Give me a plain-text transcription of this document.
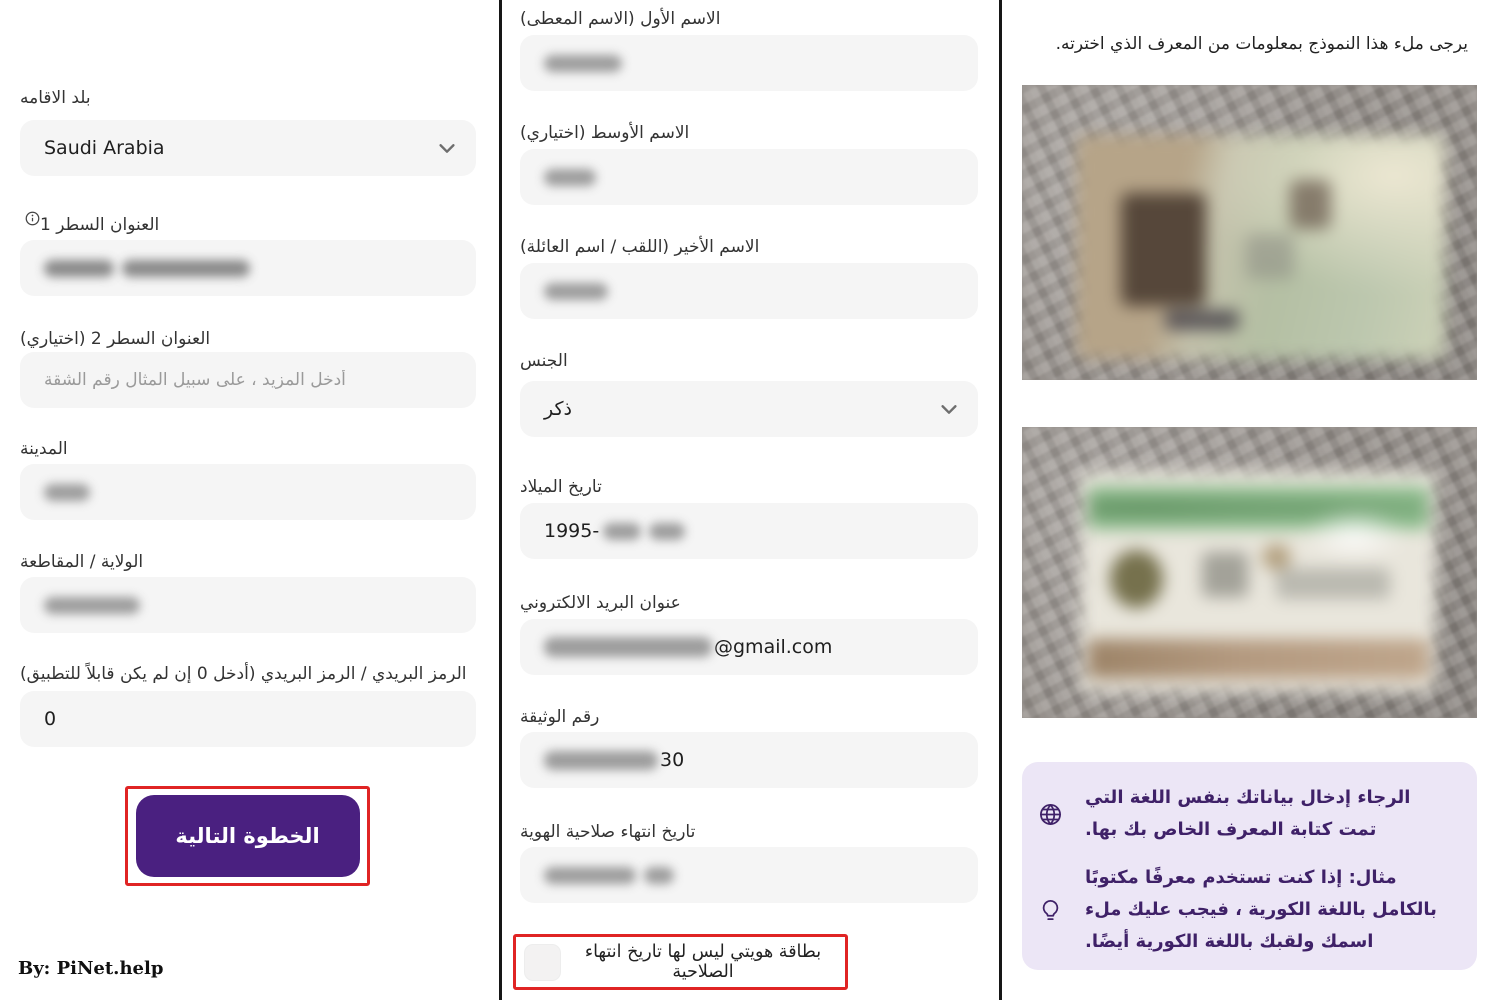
بلد الاقامه
Saudi Arabia
العنوان السطر 1
العنوان السطر 2 (اختياري)
أدخل المزيد ، على سبيل المثال رقم الشقة
المدينة
الولاية / المقاطعة
الرمز البريدي / الرمز البريدي (أدخل 0 إن لم يكن قابلاً للتطبيق)
0
الخطوة التالية
By: PiNet.help
الاسم الأول (الاسم المعطى)
الاسم الأوسط (اختياري)
الاسم الأخير (اللقب / اسم العائلة)
الجنس
ذكر
تاريخ الميلاد
1995-
عنوان البريد الالكتروني
@gmail.com
رقم الوثيقة
30
تاريخ انتهاء صلاحية الهوية
بطاقة هويتي ليس لها تاريخ انتهاء الصلاحية
يرجى ملء هذا النموذج بمعلومات من المعرف الذي اخترته.
الرجاء إدخال بياناتك بنفس اللغة التي تمت كتابة المعرف الخاص بك بها.
مثال: إذا كنت تستخدم معرفًا مكتوبًا بالكامل باللغة الكورية ، فيجب عليك ملء اسمك ولقبك باللغة الكورية أيضًا.
